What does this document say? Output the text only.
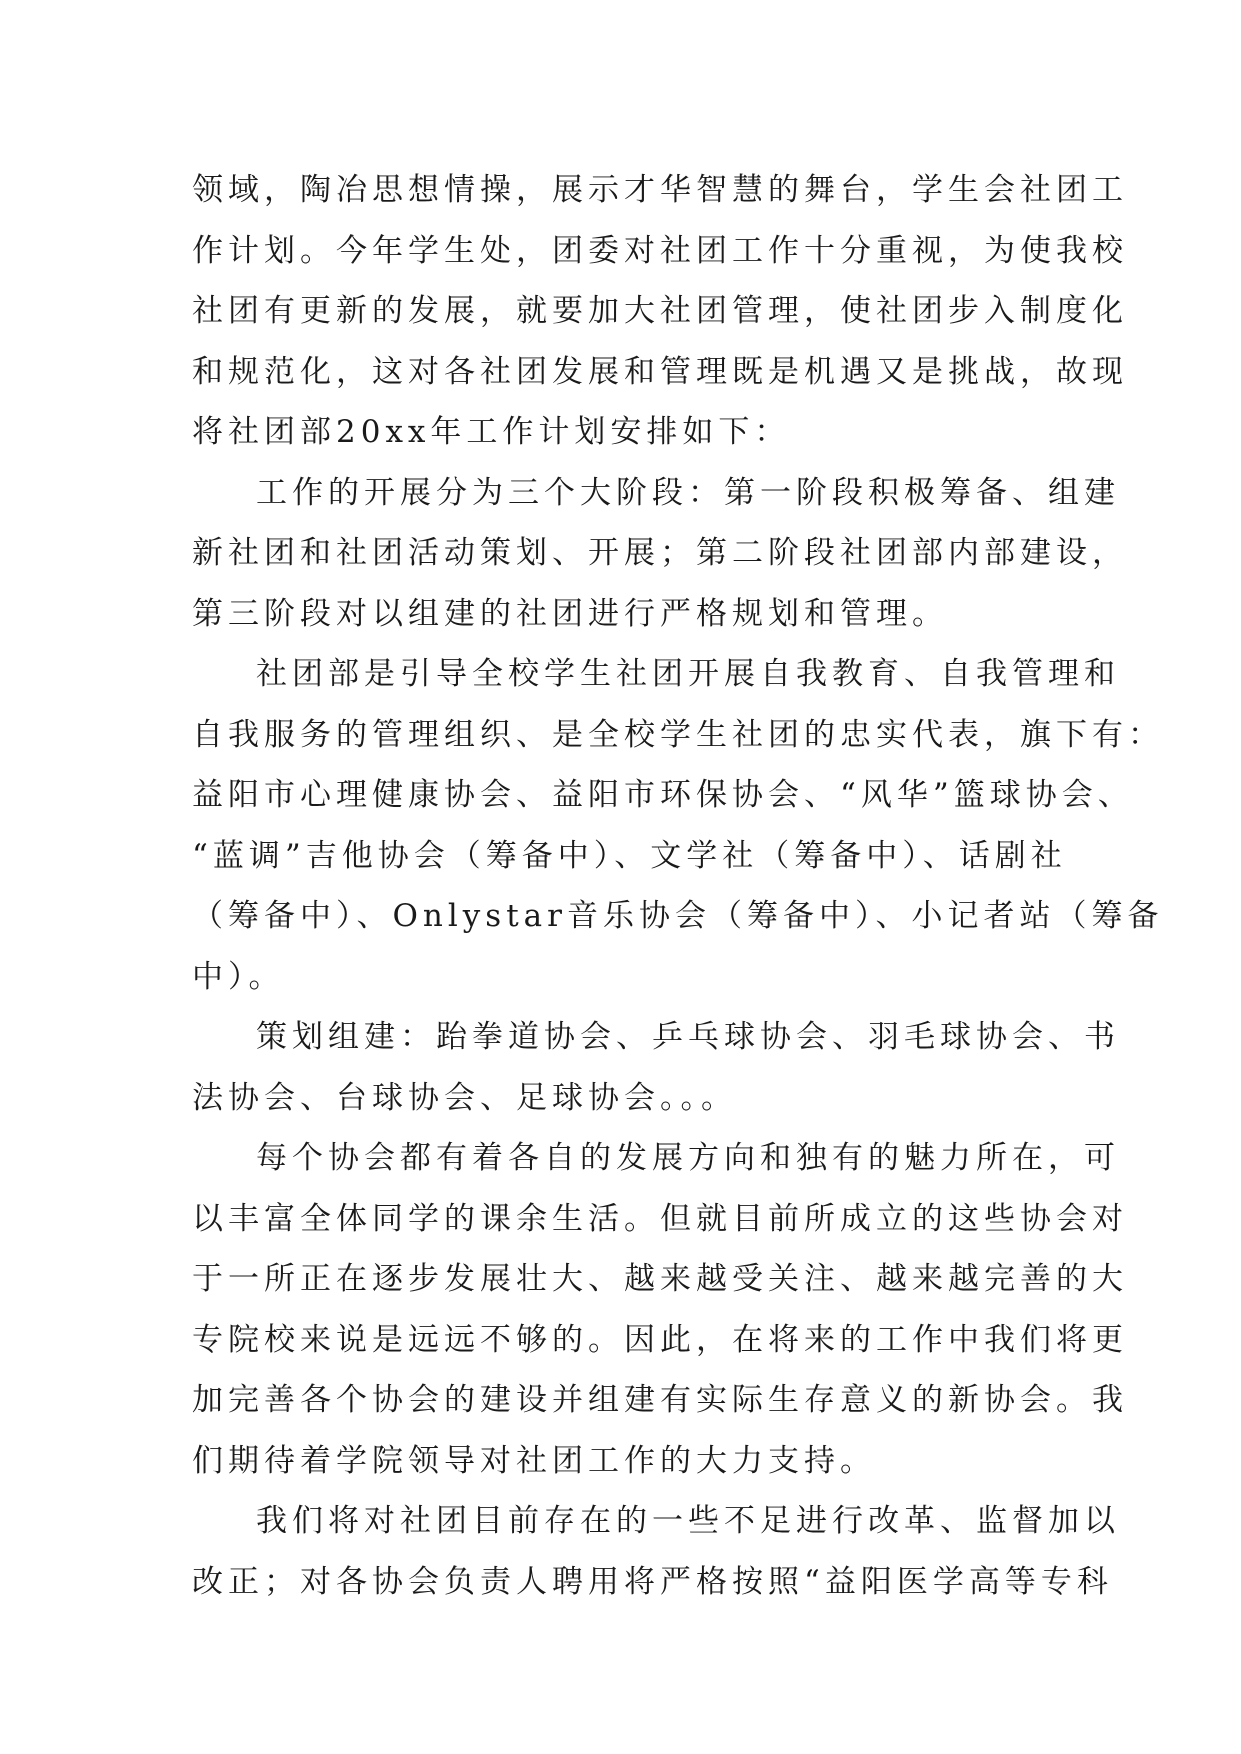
领域，陶冶思想情操，展示才华智慧的舞台，学生会社团工
作计划。今年学生处，团委对社团工作十分重视，为使我校
社团有更新的发展，就要加大社团管理，使社团步入制度化
和规范化，这对各社团发展和管理既是机遇又是挑战，故现
将社团部20xx年工作计划安排如下：
工作的开展分为三个大阶段：第一阶段积极筹备、组建
新社团和社团活动策划、开展；第二阶段社团部内部建设，
第三阶段对以组建的社团进行严格规划和管理。
社团部是引导全校学生社团开展自我教育、自我管理和
自我服务的管理组织、是全校学生社团的忠实代表，旗下有：
益阳市心理健康协会、益阳市环保协会、“风华”篮球协会、
“蓝调”吉他协会（筹备中）、文学社（筹备中）、话剧社
（筹备中）、Onlystar音乐协会（筹备中）、小记者站（筹备
中）。
策划组建：跆拳道协会、乒乓球协会、羽毛球协会、书
法协会、台球协会、足球协会。。。
每个协会都有着各自的发展方向和独有的魅力所在，可
以丰富全体同学的课余生活。但就目前所成立的这些协会对
于一所正在逐步发展壮大、越来越受关注、越来越完善的大
专院校来说是远远不够的。因此，在将来的工作中我们将更
加完善各个协会的建设并组建有实际生存意义的新协会。我
们期待着学院领导对社团工作的大力支持。
我们将对社团目前存在的一些不足进行改革、监督加以
改正；对各协会负责人聘用将严格按照“益阳医学高等专科
